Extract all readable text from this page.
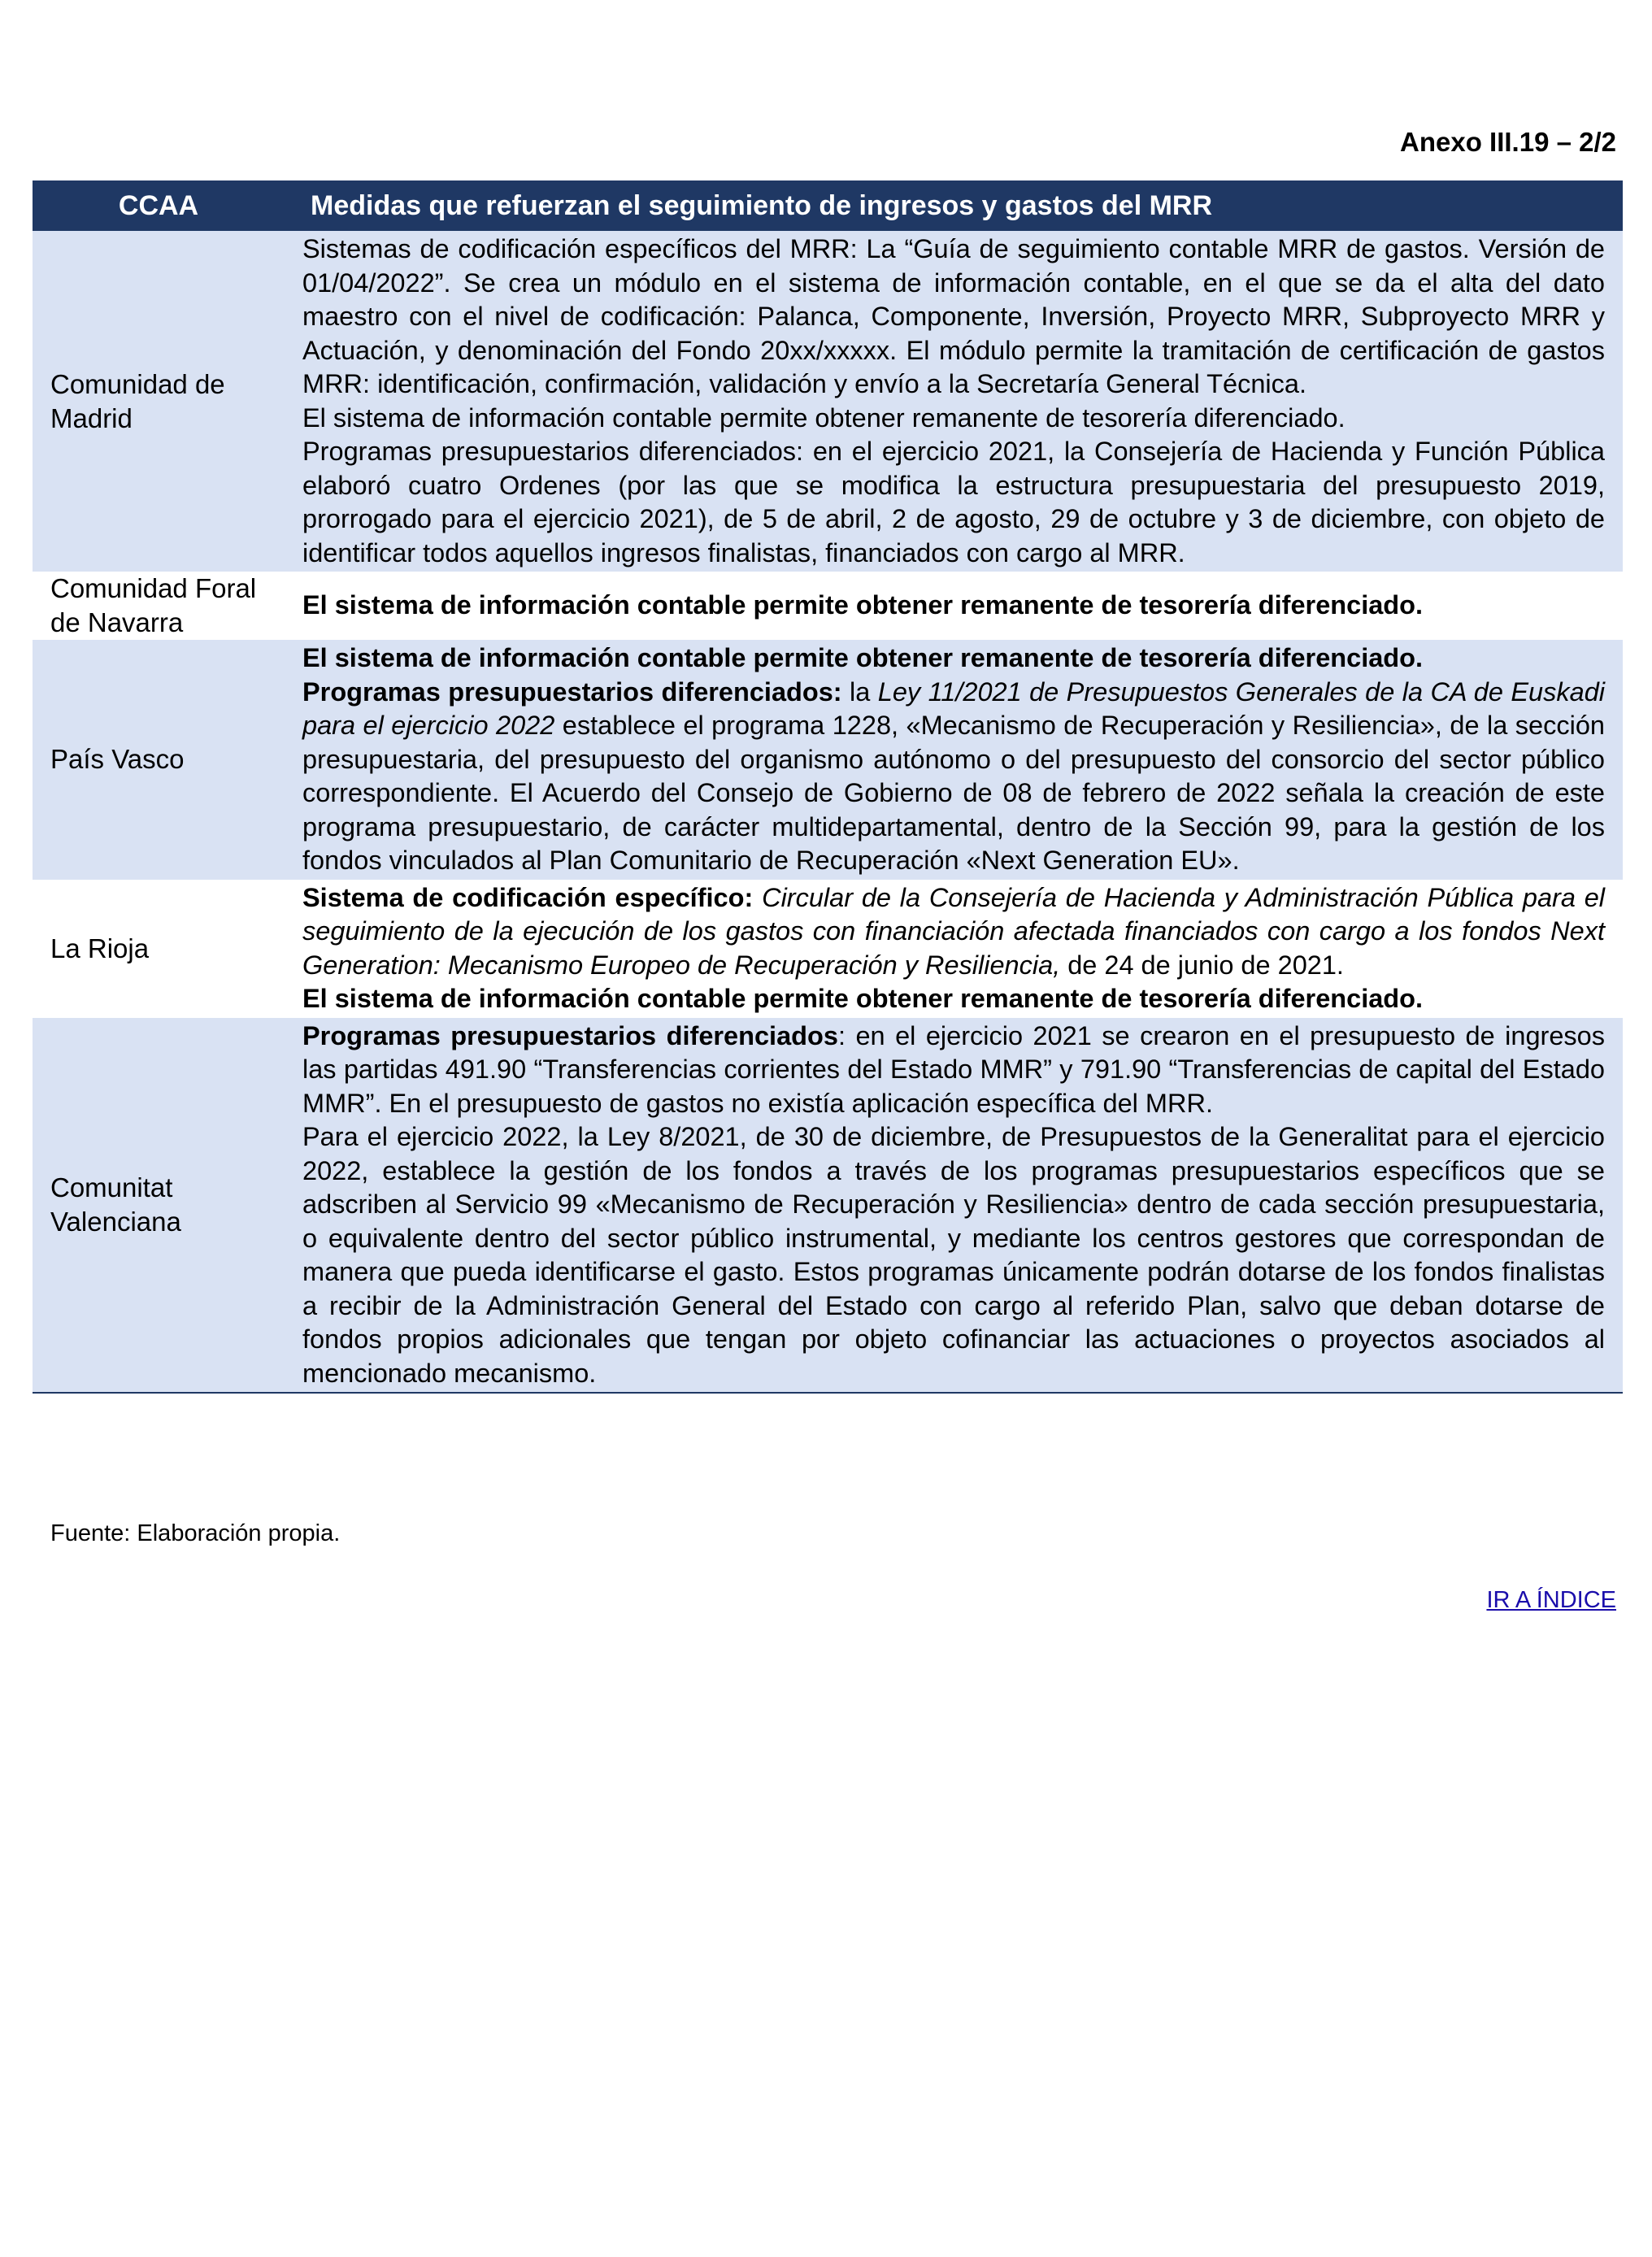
Anexo III.19 – 2/2
CCAA	Medidas que refuerzan el seguimiento de ingresos y gastos del MRR
Comunidad de Madrid

Sistemas de codificación específicos del MRR: La “Guía de seguimiento contable MRR de gastos. Versión de 01/04/2022”. Se crea un módulo en el sistema de información contable, en el que se da el alta del dato maestro con el nivel de codificación: Palanca, Componente, Inversión, Proyecto MRR, Subproyecto MRR y Actuación, y denominación del Fondo 20xx/xxxxx. El módulo permite la tramitación de certificación de gastos MRR: identificación, confirmación, validación y envío a la Secretaría General Técnica.

El sistema de información contable permite obtener remanente de tesorería diferenciado.

Programas presupuestarios diferenciados: en el ejercicio 2021, la Consejería de Hacienda y Función Pública elaboró cuatro Ordenes (por las que se modifica la estructura presupuestaria del presupuesto 2019, prorrogado para el ejercicio 2021), de 5 de abril, 2 de agosto, 29 de octubre y 3 de diciembre, con objeto de identificar todos aquellos ingresos finalistas, financiados con cargo al MRR.

Comunidad Foral de Navarra

El sistema de información contable permite obtener remanente de tesorería diferenciado.

País Vasco

El sistema de información contable permite obtener remanente de tesorería diferenciado.

Programas presupuestarios diferenciados: la Ley 11/2021 de Presupuestos Generales de la CA de Euskadi para el ejercicio 2022 establece el programa 1228, «Mecanismo de Recuperación y Resiliencia», de la sección presupuestaria, del presupuesto del organismo autónomo o del presupuesto del consorcio del sector público correspondiente. El Acuerdo del Consejo de Gobierno de 08 de febrero de 2022 señala la creación de este programa presupuestario, de carácter multidepartamental, dentro de la Sección 99, para la gestión de los fondos vinculados al Plan Comunitario de Recuperación «Next Generation EU».

La Rioja

Sistema de codificación específico: Circular de la Consejería de Hacienda y Administración Pública para el seguimiento de la ejecución de los gastos con financiación afectada financiados con cargo a los fondos Next Generation: Mecanismo Europeo de Recuperación y Resiliencia, de 24 de junio de 2021.

El sistema de información contable permite obtener remanente de tesorería diferenciado.

Comunitat Valenciana

Programas presupuestarios diferenciados: en el ejercicio 2021 se crearon en el presupuesto de ingresos las partidas 491.90 “Transferencias corrientes del Estado MMR” y 791.90 “Transferencias de capital del Estado MMR”. En el presupuesto de gastos no existía aplicación específica del MRR.

Para el ejercicio 2022, la Ley 8/2021, de 30 de diciembre, de Presupuestos de la Generalitat para el ejercicio 2022, establece la gestión de los fondos a través de los programas presupuestarios específicos que se adscriben al Servicio 99 «Mecanismo de Recuperación y Resiliencia» dentro de cada sección presupuestaria, o equivalente dentro del sector público instrumental, y mediante los centros gestores que correspondan de manera que pueda identificarse el gasto. Estos programas únicamente podrán dotarse de los fondos finalistas a recibir de la Administración General del Estado con cargo al referido Plan, salvo que deban dotarse de fondos propios adicionales que tengan por objeto cofinanciar las actuaciones o proyectos asociados al mencionado mecanismo.

Fuente: Elaboración propia.
IR A ÍNDICE
